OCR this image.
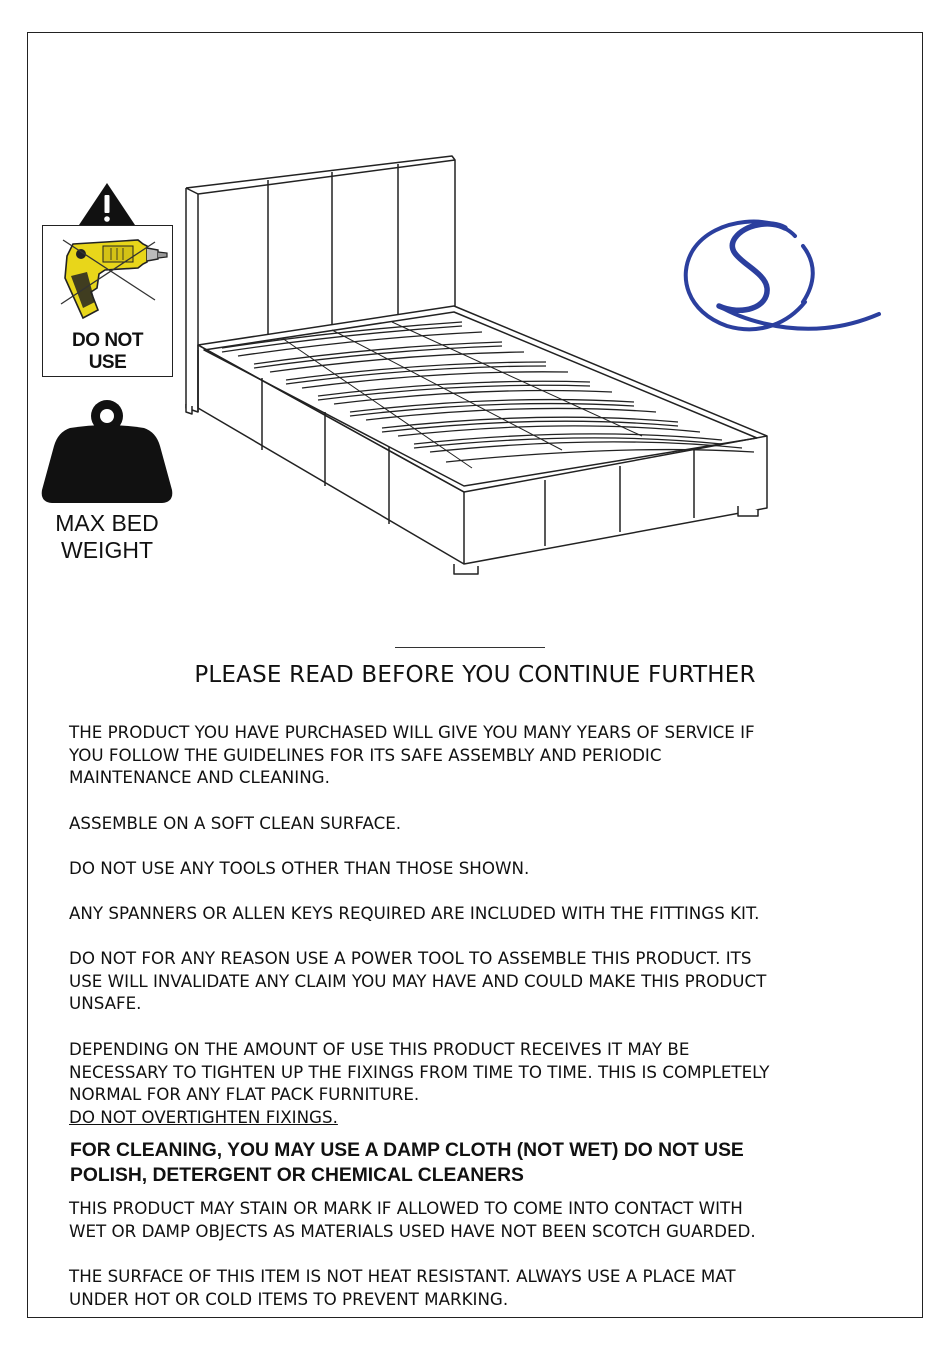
DO NOT
USE
MAX BED
WEIGHT
PLEASE READ BEFORE YOU CONTINUE FURTHER
THE PRODUCT YOU HAVE PURCHASED WILL GIVE YOU MANY YEARS OF SERVICE IF
YOU FOLLOW THE GUIDELINES FOR ITS SAFE ASSEMBLY AND PERIODIC
MAINTENANCE AND CLEANING.
ASSEMBLE ON A SOFT CLEAN SURFACE.
DO NOT USE ANY TOOLS OTHER THAN THOSE SHOWN.
ANY SPANNERS OR ALLEN KEYS REQUIRED ARE INCLUDED WITH THE FITTINGS KIT.
DO NOT FOR ANY REASON USE A POWER TOOL TO ASSEMBLE THIS PRODUCT. ITS
USE WILL INVALIDATE ANY CLAIM YOU MAY HAVE AND COULD MAKE THIS PRODUCT
UNSAFE.
DEPENDING ON THE AMOUNT OF USE THIS PRODUCT RECEIVES IT MAY BE
NECESSARY TO TIGHTEN UP THE FIXINGS FROM TIME TO TIME. THIS IS COMPLETELY
NORMAL FOR ANY FLAT PACK FURNITURE.
DO NOT OVERTIGHTEN FIXINGS.
FOR CLEANING, YOU MAY USE A DAMP CLOTH (NOT WET) DO NOT USE
POLISH, DETERGENT OR CHEMICAL CLEANERS
THIS PRODUCT MAY STAIN OR MARK IF ALLOWED TO COME INTO CONTACT WITH
WET OR DAMP OBJECTS AS MATERIALS USED HAVE NOT BEEN SCOTCH GUARDED.
THE SURFACE OF THIS ITEM IS NOT HEAT RESISTANT. ALWAYS USE A PLACE MAT
UNDER HOT OR COLD ITEMS TO PREVENT MARKING.
